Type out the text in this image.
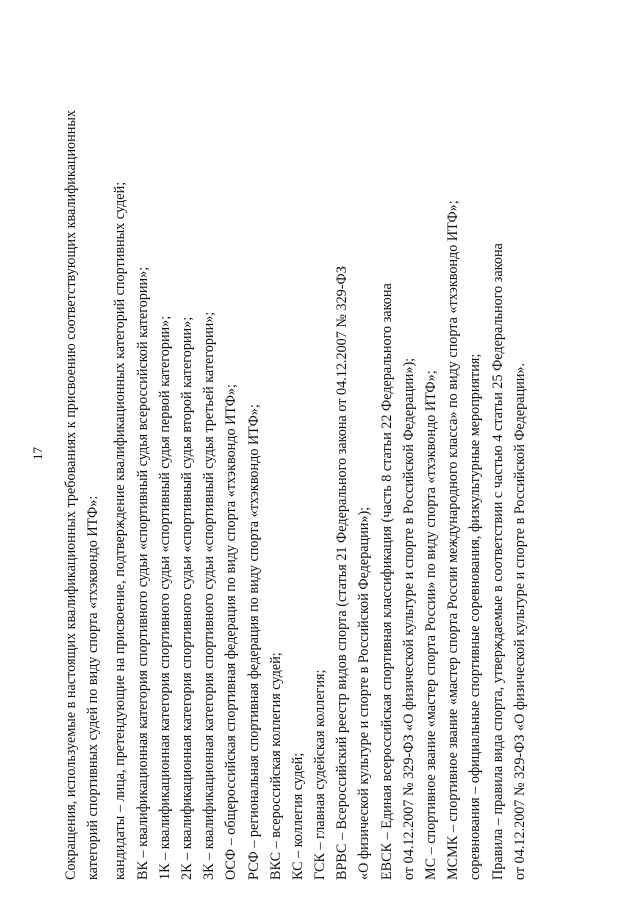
17 Сокращения, используемые в настоящих квалификационных требованиях к присвоению соответствующих квалификационных категорий спортивных судей по виду спорта «тхэквондо ИТФ»: кандидаты – лица, претендующие на присвоение, подтверждение квалификационных категорий спортивных судей; ВК – квалификационная категория спортивного судьи «спортивный судья всероссийской категории»; 1К – квалификационная категория спортивного судьи «спортивный судья первой категории»; 2К – квалификационная категория спортивного судьи «спортивный судья второй категории»; 3К – квалификационная категория спортивного судьи «спортивный судья третьей категории»; ОСФ – общероссийская спортивная федерация по виду спорта «тхэквондо ИТФ»; РСФ – региональная спортивная федерация по виду спорта «тхэквондо ИТФ»; ВКС – всероссийская коллегия судей; КС – коллегия судей; ГСК – главная судейская коллегия; ВРВС – Всероссийский реестр видов спорта (статья 21 Федерального закона от 04.12.2007 № 329-ФЗ «О физической культуре и спорте в Российской Федерации»); ЕВСК – Единая всероссийская спортивная классификация (часть 8 статьи 22 Федерального закона от 04.12.2007 № 329-ФЗ «О физической культуре и спорте в Российской Федерации»); МС – спортивное звание «мастер спорта России» по виду спорта «тхэквондо ИТФ»; МСМК – спортивное звание «мастер спорта России международного класса» по виду спорта «тхэквондо ИТФ»; соревнования – официальные спортивные соревнования, физкультурные мероприятия; Правила – правила вида спорта, утверждаемые в соответствии с частью 4 статьи 25 Федерального закона от 04.12.2007 № 329-ФЗ «О физической культуре и спорте в Российской Федерации».
